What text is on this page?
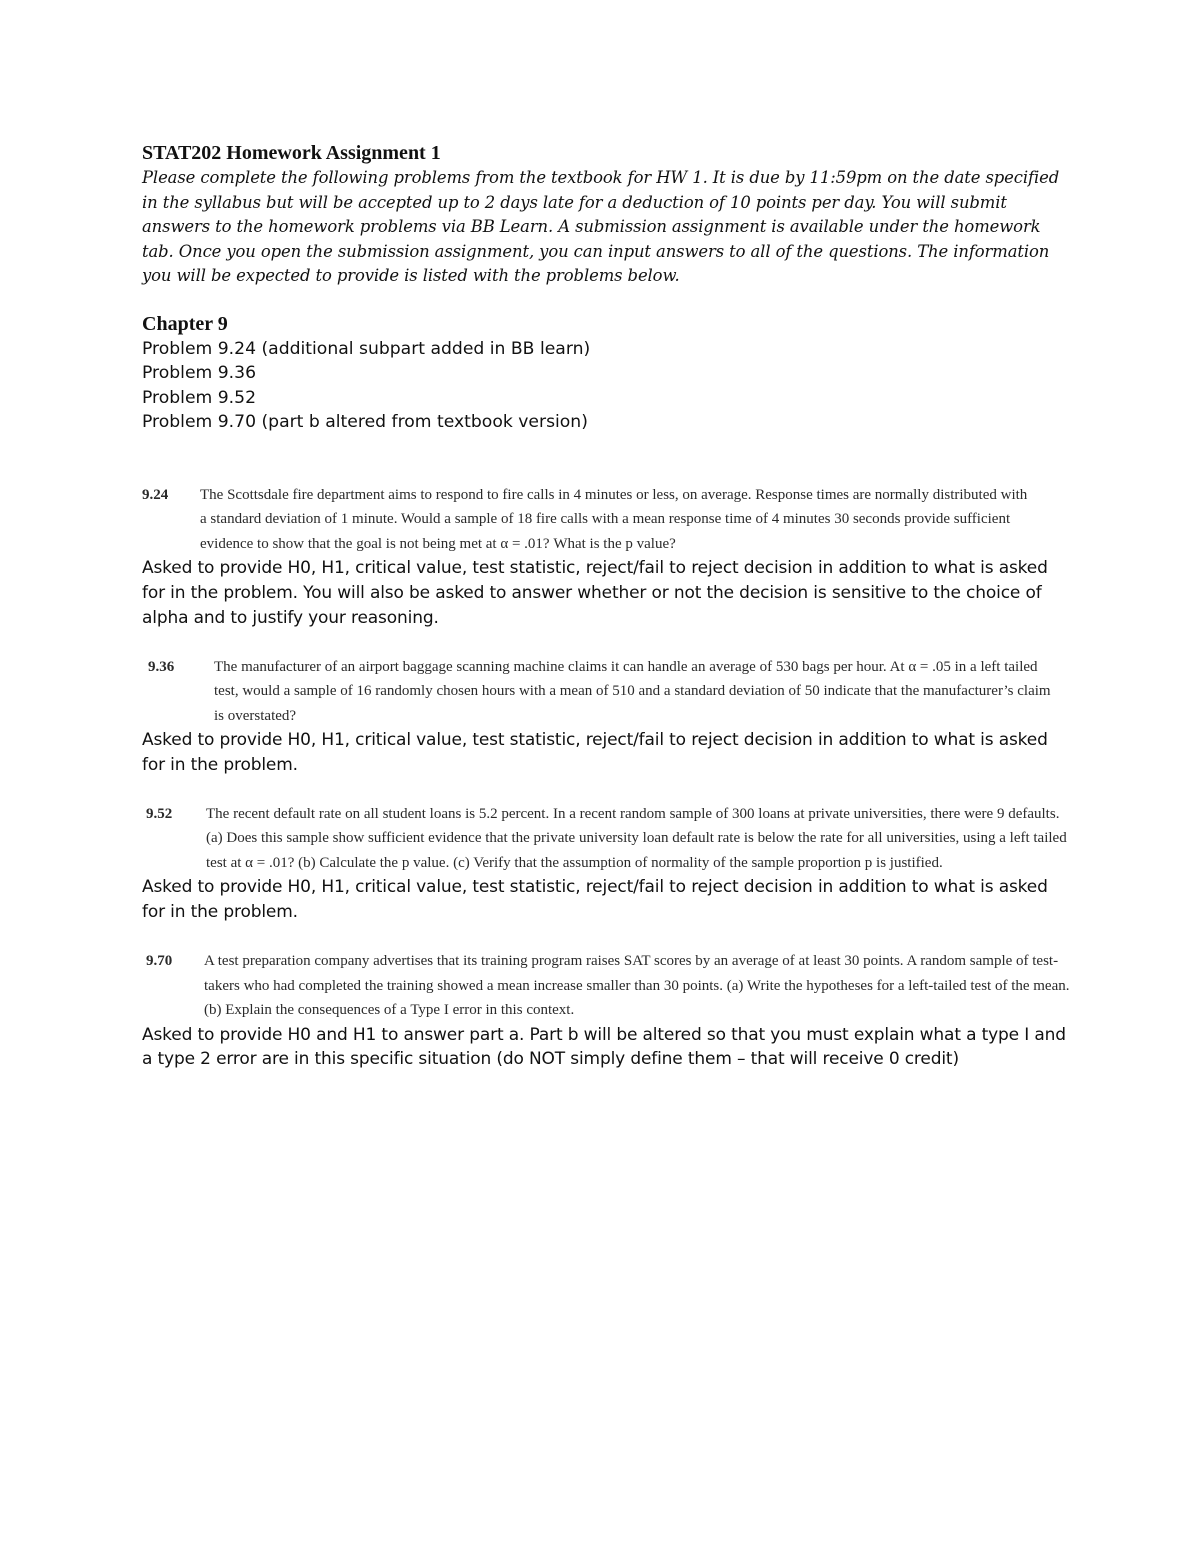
STAT202 Homework Assignment 1

Please complete the following problems from the textbook for HW 1. It is due by 11:59pm on the date specified in the syllabus but will be accepted up to 2 days late for a deduction of 10 points per day. You will submit answers to the homework problems via BB Learn. A submission assignment is available under the homework tab. Once you open the submission assignment, you can input answers to all of the questions. The information you will be expected to provide is listed with the problems below.

Chapter 9
Problem 9.24 (additional subpart added in BB learn)
Problem 9.36
Problem 9.52
Problem 9.70 (part b altered from textbook version)
9.24	The Scottsdale fire department aims to respond to fire calls in 4 minutes or less, on average. Response times are normally distributed with a standard deviation of 1 minute. Would a sample of 18 fire calls with a mean response time of 4 minutes 30 seconds provide sufficient evidence to show that the goal is not being met at α = .01? What is the p value?

Asked to provide H0, H1, critical value, test statistic, reject/fail to reject decision in addition to what is asked for in the problem. You will also be asked to answer whether or not the decision is sensitive to the choice of alpha and to justify your reasoning.

9.36	The manufacturer of an airport baggage scanning machine claims it can handle an average of 530 bags per hour. At α = .05 in a left tailed test, would a sample of 16 randomly chosen hours with a mean of 510 and a standard deviation of 50 indicate that the manufacturer’s claim is overstated?

Asked to provide H0, H1, critical value, test statistic, reject/fail to reject decision in addition to what is asked for in the problem.

9.52	The recent default rate on all student loans is 5.2 percent. In a recent random sample of 300 loans at private universities, there were 9 defaults. (a) Does this sample show sufficient evidence that the private university loan default rate is below the rate for all universities, using a left tailed test at α = .01? (b) Calculate the p value. (c) Verify that the assumption of normality of the sample proportion p is justified.

Asked to provide H0, H1, critical value, test statistic, reject/fail to reject decision in addition to what is asked for in the problem.

9.70	A test preparation company advertises that its training program raises SAT scores by an average of at least 30 points. A random sample of test-takers who had completed the training showed a mean increase smaller than 30 points. (a) Write the hypotheses for a left-tailed test of the mean. (b) Explain the consequences of a Type I error in this context.

Asked to provide H0 and H1 to answer part a. Part b will be altered so that you must explain what a type I and a type 2 error are in this specific situation (do NOT simply define them – that will receive 0 credit)
